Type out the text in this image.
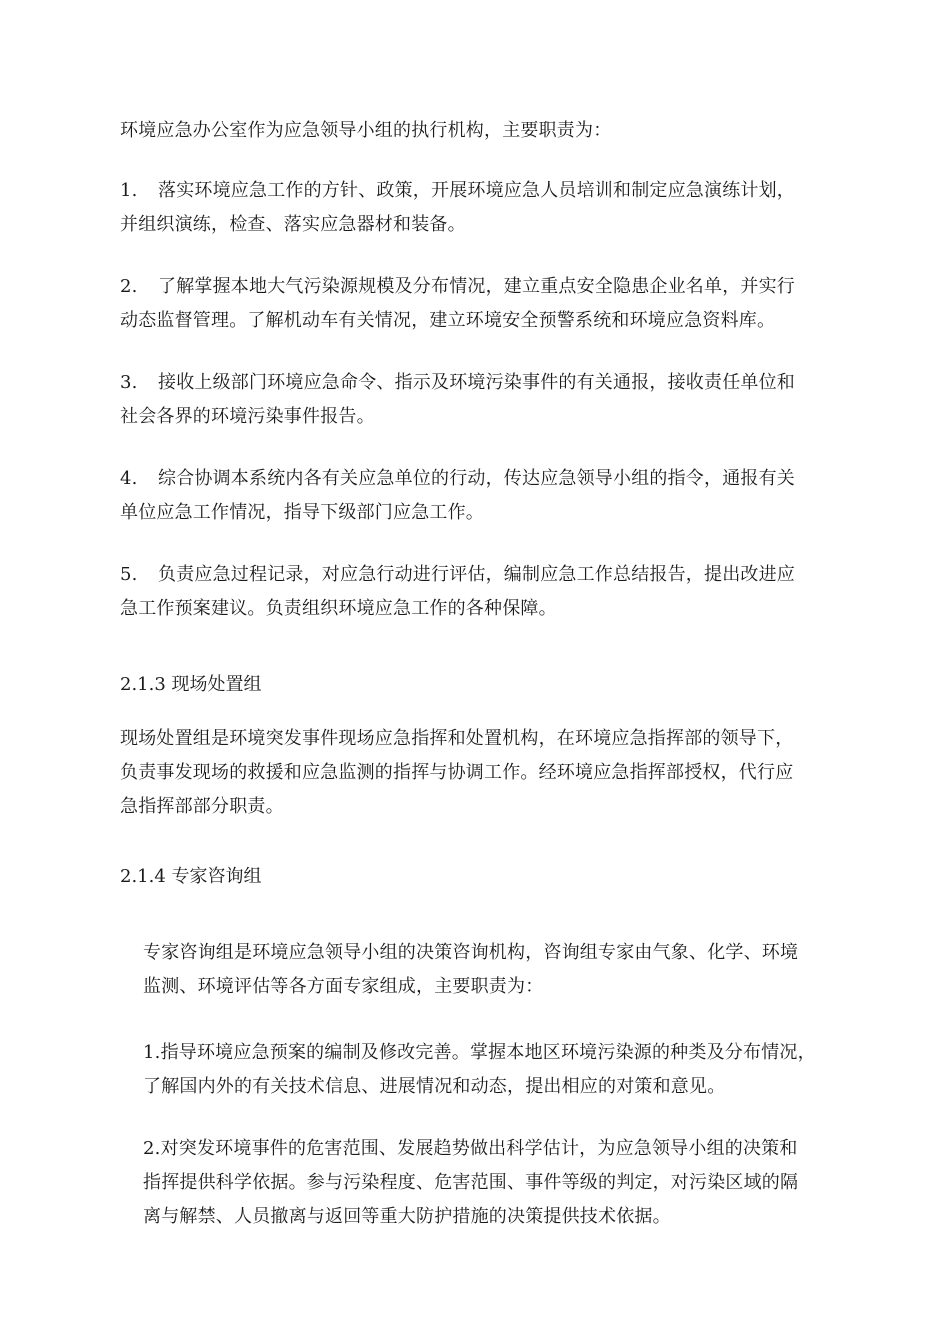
环境应急办公室作为应急领导小组的执行机构，主要职责为：

1. 落实环境应急工作的方针、政策，开展环境应急人员培训和制定应急演练计划，
并组织演练，检查、落实应急器材和装备。

2. 了解掌握本地大气污染源规模及分布情况，建立重点安全隐患企业名单，并实行
动态监督管理。了解机动车有关情况，建立环境安全预警系统和环境应急资料库。

3. 接收上级部门环境应急命令、指示及环境污染事件的有关通报，接收责任单位和
社会各界的环境污染事件报告。

4. 综合协调本系统内各有关应急单位的行动，传达应急领导小组的指令，通报有关
单位应急工作情况，指导下级部门应急工作。

5. 负责应急过程记录，对应急行动进行评估，编制应急工作总结报告，提出改进应
急工作预案建议。负责组织环境应急工作的各种保障。

2.1.3 现场处置组

现场处置组是环境突发事件现场应急指挥和处置机构，在环境应急指挥部的领导下，
负责事发现场的救援和应急监测的指挥与协调工作。经环境应急指挥部授权，代行应
急指挥部部分职责。

2.1.4 专家咨询组

专家咨询组是环境应急领导小组的决策咨询机构，咨询组专家由气象、化学、环境
监测、环境评估等各方面专家组成，主要职责为：

1.指导环境应急预案的编制及修改完善。掌握本地区环境污染源的种类及分布情况，
了解国内外的有关技术信息、进展情况和动态，提出相应的对策和意见。

2.对突发环境事件的危害范围、发展趋势做出科学估计，为应急领导小组的决策和
指挥提供科学依据。参与污染程度、危害范围、事件等级的判定，对污染区域的隔
离与解禁、人员撤离与返回等重大防护措施的决策提供技术依据。
